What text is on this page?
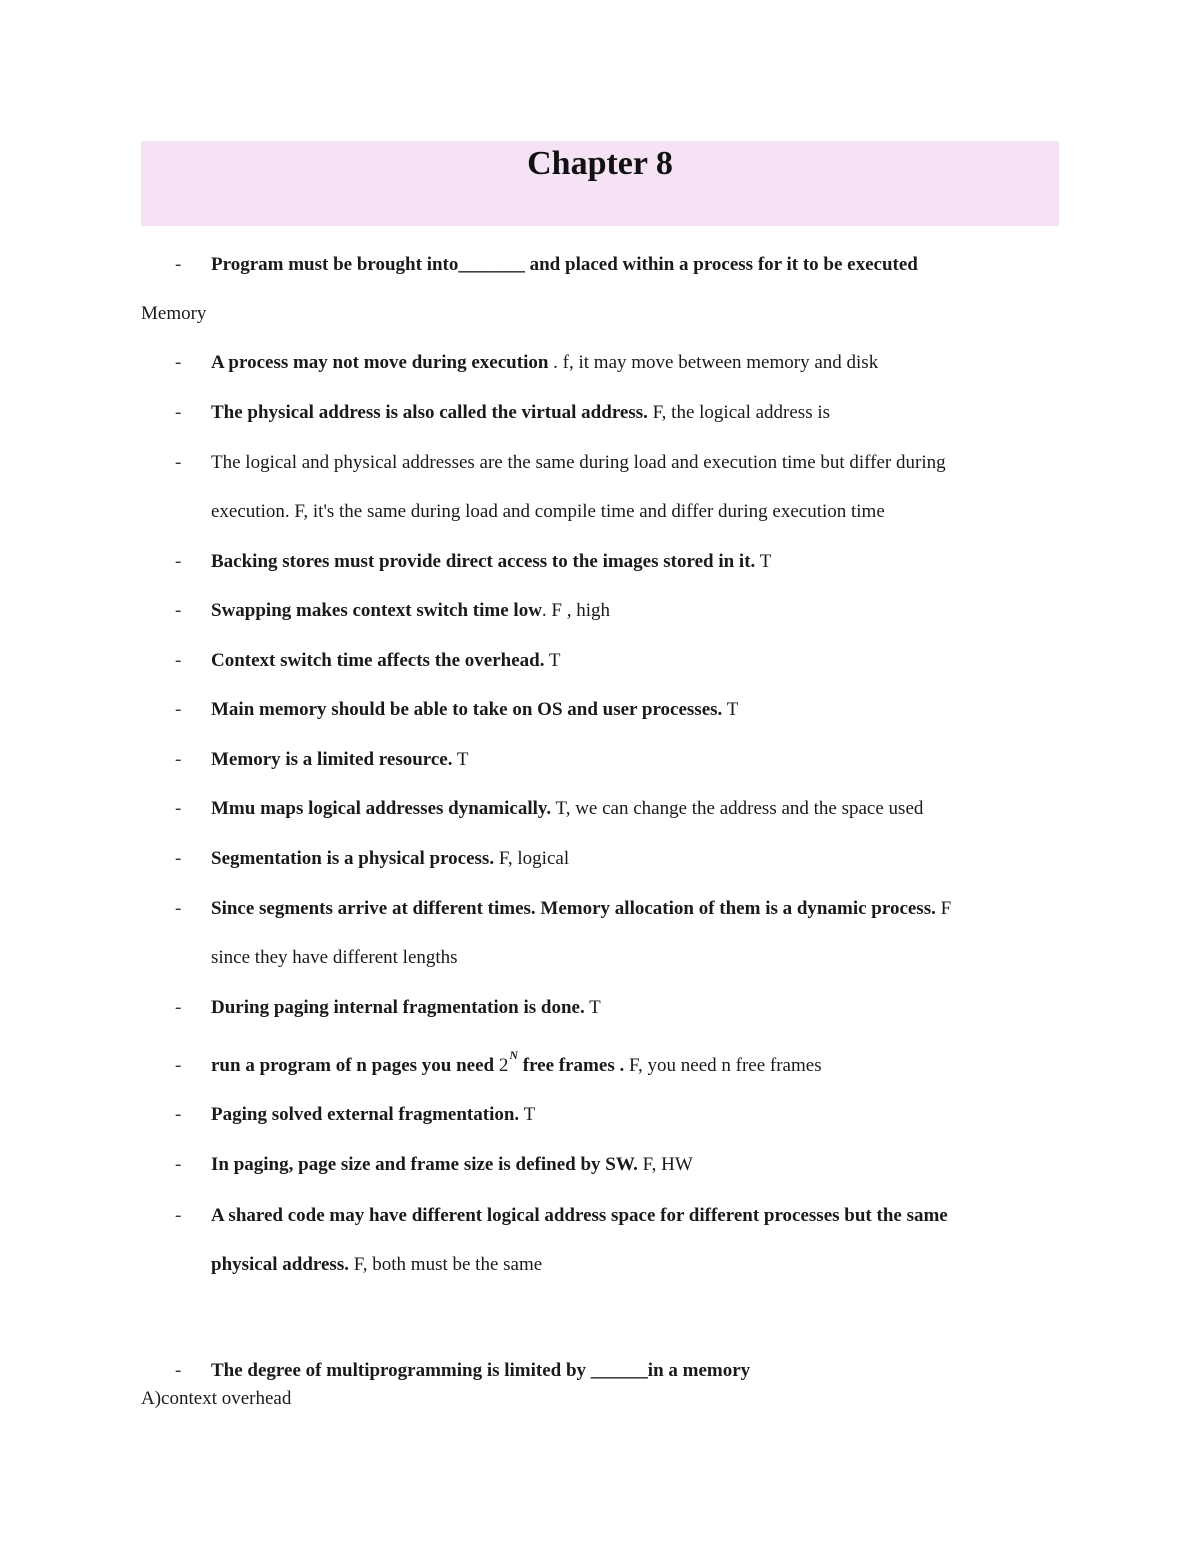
Chapter 8
- Program must be brought into_______ and placed within a process for it to be executed
Memory
- A process may not move during execution . f, it may move between memory and disk
- The physical address is also called the virtual address. F, the logical address is
- The logical and physical addresses are the same during load and execution time but differ during
execution. F, it's the same during load and compile time and differ during execution time
- Backing stores must provide direct access to the images stored in it. T
- Swapping makes context switch time low. F , high
- Context switch time affects the overhead. T
- Main memory should be able to take on OS and user processes. T
- Memory is a limited resource. T
- Mmu maps logical addresses dynamically. T, we can change the address and the space used
- Segmentation is a physical process. F, logical
- Since segments arrive at different times. Memory allocation of them is a dynamic process. F
since they have different lengths
- During paging internal fragmentation is done. T
- run a program of n pages you need $2^N$ free frames . F, you need n free frames
- Paging solved external fragmentation. T
- In paging, page size and frame size is defined by SW. F, HW
- A shared code may have different logical address space for different processes but the same
physical address. F, both must be the same
- The degree of multiprogramming is limited by ______in a memory
A)context overhead
